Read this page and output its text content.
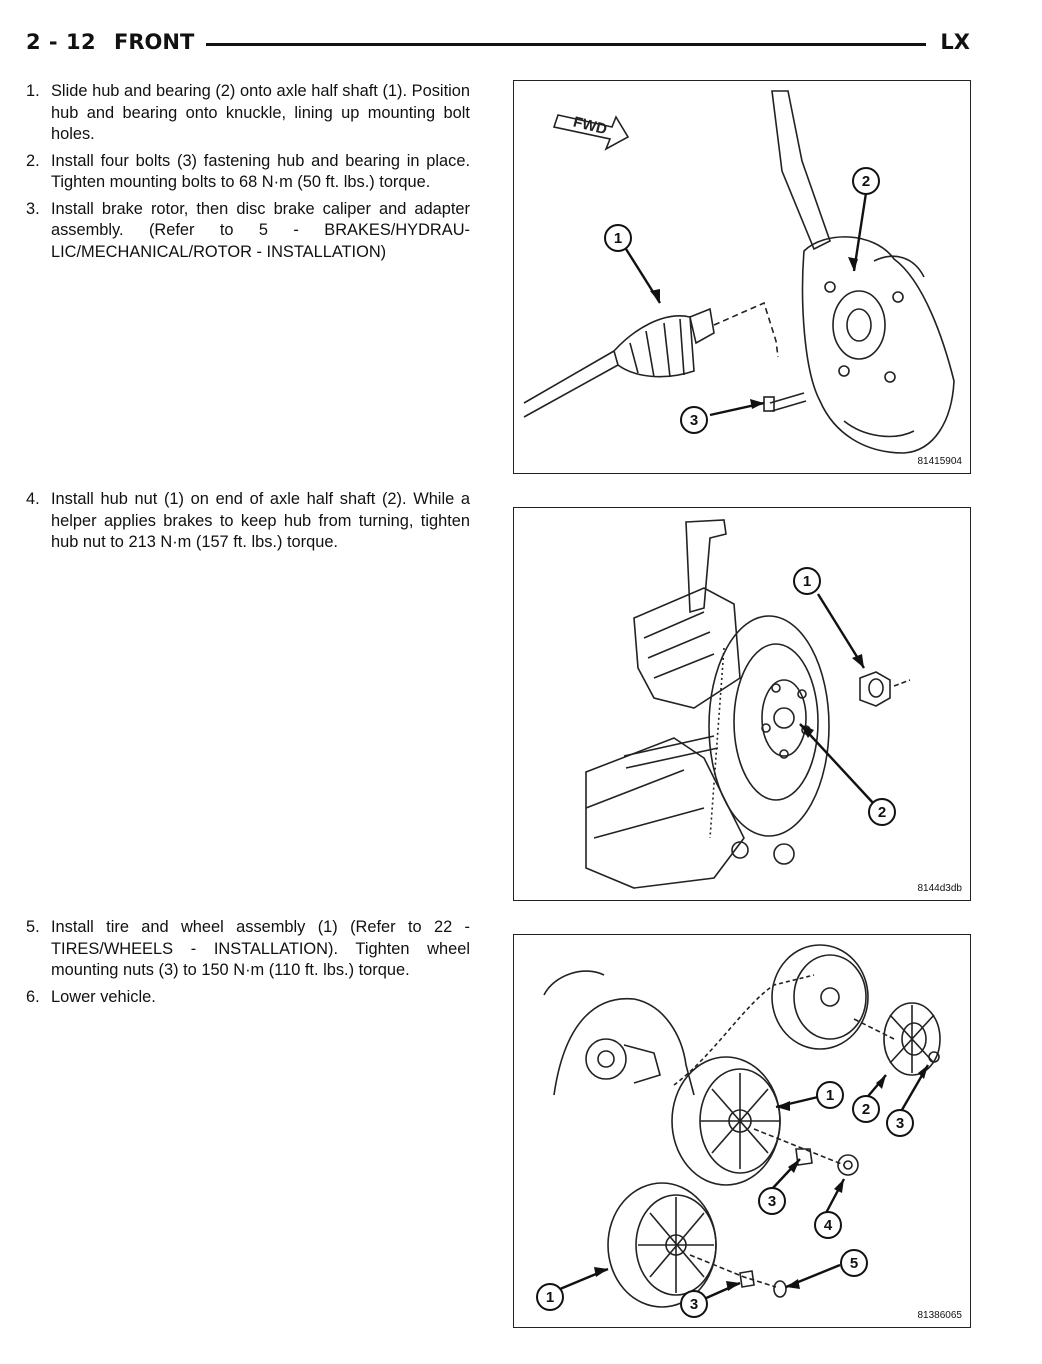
2 - 12 FRONT	LX
1. Slide hub and bearing (2) onto axle half shaft (1). Position hub and bearing onto knuckle, lining up mounting bolt holes.
2. Install four bolts (3) fastening hub and bearing in place. Tighten mounting bolts to 68 N·m (50 ft. lbs.) torque.
3. Install brake rotor, then disc brake caliper and adapter assembly. (Refer to 5 - BRAKES/HYDRAU-LIC/MECHANICAL/ROTOR - INSTALLATION)
4. Install hub nut (1) on end of axle half shaft (2). While a helper applies brakes to keep hub from turning, tighten hub nut to 213 N·m (157 ft. lbs.) torque.
5. Install tire and wheel assembly (1) (Refer to 22 - TIRES/WHEELS - INSTALLATION). Tighten wheel mounting nuts (3) to 150 N·m (110 ft. lbs.) torque.
6. Lower vehicle.
FWD
1
2
3
81415904
1
2
8144d3db
1
2
3
3
4
5
1	3
81386065
